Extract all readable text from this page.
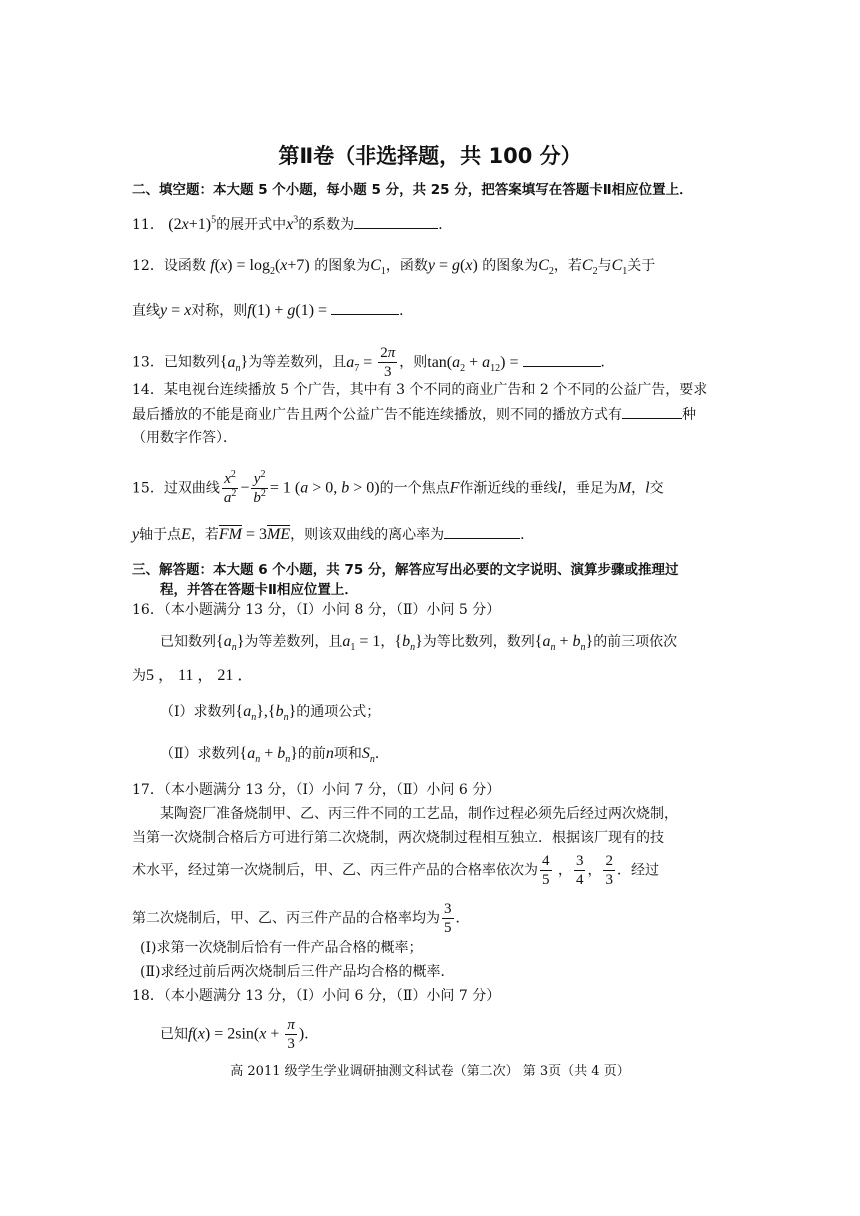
第Ⅱ卷（非选择题，共 100 分）
二、填空题：本大题 5 个小题，每小题 5 分，共 25 分，把答案填写在答题卡Ⅱ相应位置上．
11． $(2x+1)^5$的展开式中$x^3$的系数为	．
12．设函数 $f(x) = \log_2(x+7)$ 的图象为$C_1$，函数y = g(x) 的图象为$C_2$，若$C_2$与$C_1$关于
直线y = x对称，则f(1) + g(1) =	．
13．已知数列$\{a_n\}$为等差数列，且$a_7 = \frac{2\pi}{3}$ ，则$\tan(a_2 + a_{12})$ =	．
14．某电视台连续播放 5 个广告，其中有 3 个不同的商业广告和 2 个不同的公益广告，要求
最后播放的不能是商业广告且两个公益广告不能连续播放，则不同的播放方式有	种
（用数字作答）．
15．过双曲线 $\frac{x^2}{a^2} - \frac{y^2}{b^2} = 1$ (a > 0, b > 0)的一个焦点F作渐近线的垂线l，垂足为M，l交
y轴于点E，若$\overline{FM} = 3\overline{ME}$，则该双曲线的离心率为	．
三、解答题：本大题 6 个小题，共 75 分，解答应写出必要的文字说明、演算步骤或推理过
程，并答在答题卡Ⅱ相应位置上．
16．（本小题满分 13 分，（Ⅰ）小问 8 分，（Ⅱ）小问 5 分）
已知数列$\{a_n\}$为等差数列，且$a_1 = 1$，$\{b_n\}$为等比数列，数列$\{a_n + b_n\}$的前三项依次
为5 ， 11 ， 21 ．
（Ⅰ）求数列$\{a_n\},\{b_n\}$的通项公式；
（Ⅱ）求数列$\{a_n + b_n\}$的前n项和$S_n$．
17．（本小题满分 13 分，（Ⅰ）小问 7 分，（Ⅱ）小问 6 分）
某陶瓷厂准备烧制甲、乙、丙三件不同的工艺品，制作过程必须先后经过两次烧制，
当第一次烧制合格后方可进行第二次烧制，两次烧制过程相互独立．根据该厂现有的技
术水平，经过第一次烧制后，甲、乙、丙三件产品的合格率依次为 $\frac{4}{5}$ ， $\frac{3}{4}$ ， $\frac{2}{3}$ ．经过
第二次烧制后，甲、乙、丙三件产品的合格率均为 $\frac{3}{5}$ ．
(Ⅰ)求第一次烧制后恰有一件产品合格的概率；
(Ⅱ)求经过前后两次烧制后三件产品均合格的概率．
18．（本小题满分 13 分，（Ⅰ）小问 6 分，（Ⅱ）小问 7 分）
已知$f(x) = 2\sin(x + \frac{\pi}{3}$ )．
高 2011 级学生学业调研抽测文科试卷（第二次） 第 3页（共 4 页）
